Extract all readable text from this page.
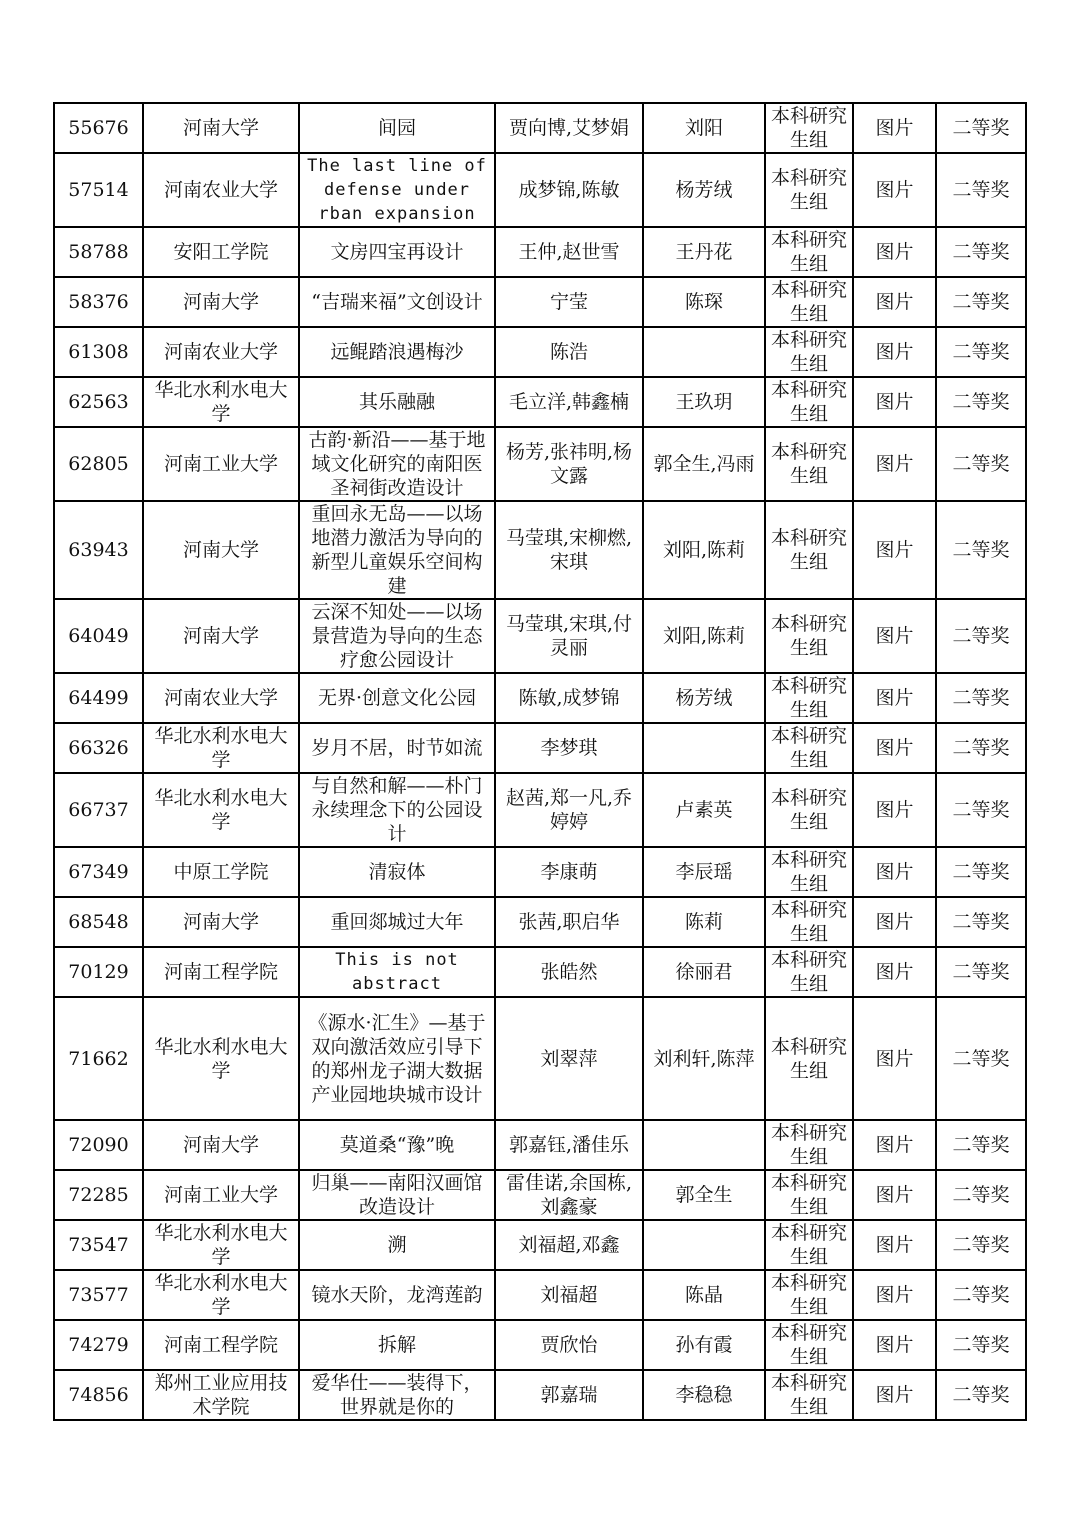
55676	河南大学	间园	贾向博,艾梦娟	刘阳	本科研究生组	图片	二等奖
57514	河南农业大学	The last line of defense under rban expansion	成梦锦,陈敏	杨芳绒	本科研究生组	图片	二等奖
58788	安阳工学院	文房四宝再设计	王仲,赵世雪	王丹花	本科研究生组	图片	二等奖
58376	河南大学	“吉瑞来福”文创设计	宁莹	陈琛	本科研究生组	图片	二等奖
61308	河南农业大学	远鲲踏浪遇梅沙	陈浩		本科研究生组	图片	二等奖
62563	华北水利水电大学	其乐融融	毛立洋,韩鑫楠	王玖玥	本科研究生组	图片	二等奖
62805	河南工业大学	古韵·新沿——基于地域文化研究的南阳医圣祠街改造设计	杨芳,张祎明,杨文露	郭全生,冯雨	本科研究生组	图片	二等奖
63943	河南大学	重回永无岛——以场地潜力激活为导向的新型儿童娱乐空间构建	马莹琪,宋柳燃,宋琪	刘阳,陈莉	本科研究生组	图片	二等奖
64049	河南大学	云深不知处——以场景营造为导向的生态疗愈公园设计	马莹琪,宋琪,付灵丽	刘阳,陈莉	本科研究生组	图片	二等奖
64499	河南农业大学	无界·创意文化公园	陈敏,成梦锦	杨芳绒	本科研究生组	图片	二等奖
66326	华北水利水电大学	岁月不居，时节如流	李梦琪		本科研究生组	图片	二等奖
66737	华北水利水电大学	与自然和解——朴门永续理念下的公园设计	赵茜,郑一凡,乔婷婷	卢素英	本科研究生组	图片	二等奖
67349	中原工学院	清寂体	李康萌	李辰瑶	本科研究生组	图片	二等奖
68548	河南大学	重回郯城过大年	张茜,职启华	陈莉	本科研究生组	图片	二等奖
70129	河南工程学院	This is not abstract	张皓然	徐丽君	本科研究生组	图片	二等奖
71662	华北水利水电大学	《源水·汇生》—基于双向激活效应引导下的郑州龙子湖大数据产业园地块城市设计	刘翠萍	刘利轩,陈萍	本科研究生组	图片	二等奖
72090	河南大学	莫道桑“豫”晚	郭嘉钰,潘佳乐		本科研究生组	图片	二等奖
72285	河南工业大学	归巢——南阳汉画馆改造设计	雷佳诺,余国栋,刘鑫豪	郭全生	本科研究生组	图片	二等奖
73547	华北水利水电大学	溯	刘福超,邓鑫		本科研究生组	图片	二等奖
73577	华北水利水电大学	镜水天阶，龙湾莲韵	刘福超	陈晶	本科研究生组	图片	二等奖
74279	河南工程学院	拆解	贾欣怡	孙有霞	本科研究生组	图片	二等奖
74856	郑州工业应用技术学院	爱华仕——装得下，世界就是你的	郭嘉瑞	李稳稳	本科研究生组	图片	二等奖
